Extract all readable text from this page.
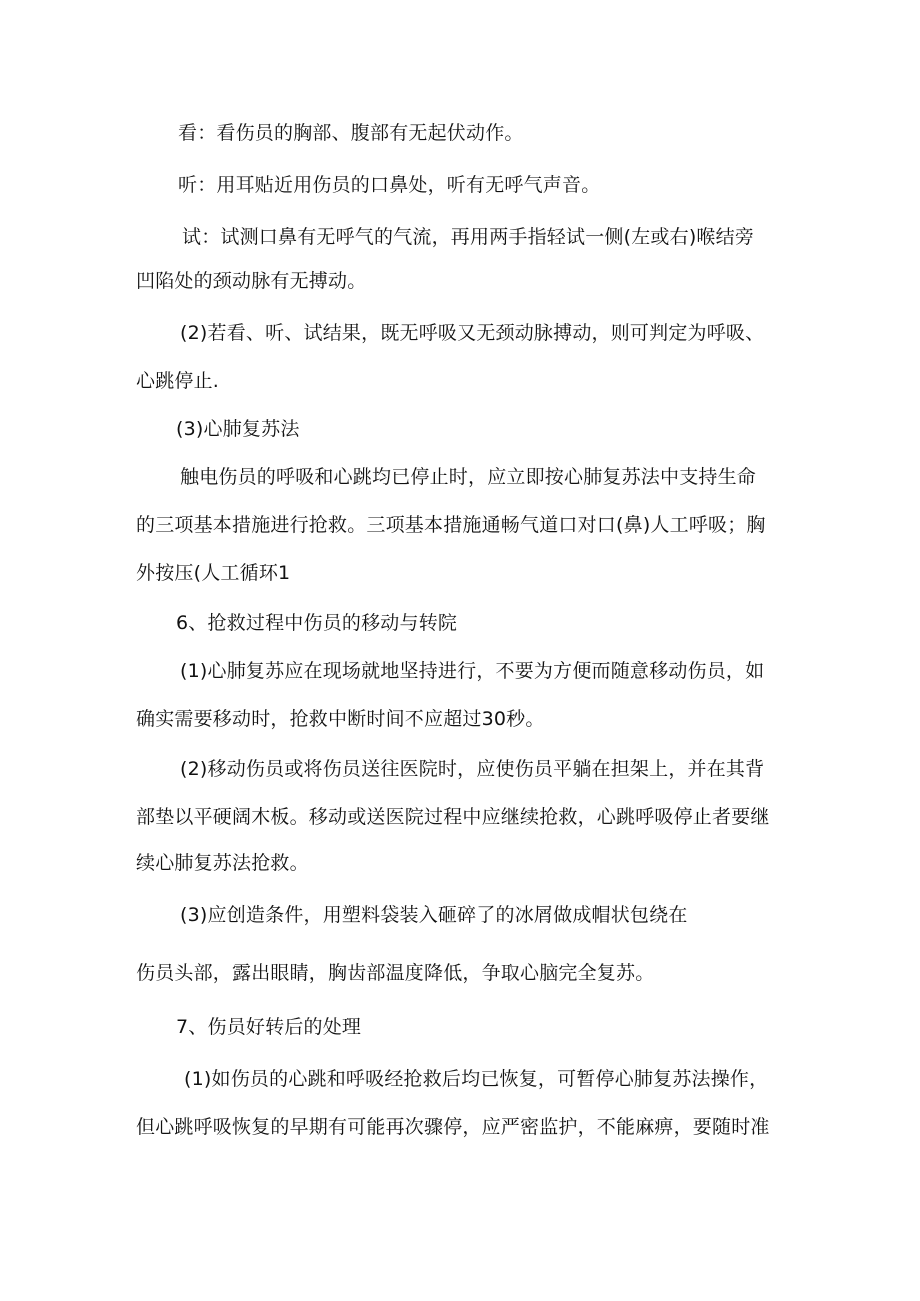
看：看伤员的胸部、腹部有无起伏动作。
听：用耳贴近用伤员的口鼻处，听有无呼气声音。
试：试测口鼻有无呼气的气流，再用两手指轻试一侧(左或右)喉结旁
凹陷处的颈动脉有无搏动。
(2)若看、听、试结果，既无呼吸又无颈动脉搏动，则可判定为呼吸、
心跳停止.
(3)心肺复苏法
触电伤员的呼吸和心跳均已停止时，应立即按心肺复苏法中支持生命
的三项基本措施进行抢救。三项基本措施通畅气道口对口(鼻)人工呼吸；胸
外按压(人工循环1
6、抢救过程中伤员的移动与转院
(1)心肺复苏应在现场就地坚持进行，不要为方便而随意移动伤员，如
确实需要移动时，抢救中断时间不应超过30秒。
(2)移动伤员或将伤员送往医院时，应使伤员平躺在担架上，并在其背
部垫以平硬阔木板。移动或送医院过程中应继续抢救，心跳呼吸停止者要继
续心肺复苏法抢救。
(3)应创造条件，用塑料袋装入砸碎了的冰屑做成帽状包绕在
伤员头部，露出眼睛，胸齿部温度降低，争取心脑完全复苏。
7、伤员好转后的处理
(1)如伤员的心跳和呼吸经抢救后均已恢复，可暂停心肺复苏法操作，
但心跳呼吸恢复的早期有可能再次骤停，应严密监护，不能麻痹，要随时准
